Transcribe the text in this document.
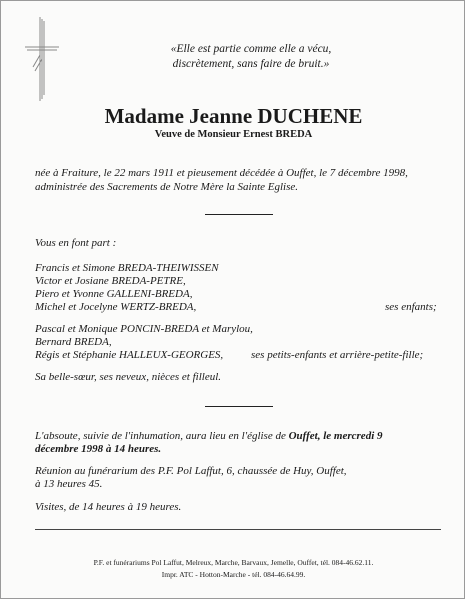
«Elle est partie comme elle a vécu,
discrètement, sans faire de bruit.»
Madame Jeanne DUCHENE
Veuve de Monsieur Ernest BREDA
née à Fraiture, le 22 mars 1911 et pieusement décédée à Ouffet, le 7 décembre 1998,
administrée des Sacrements de Notre Mère la Sainte Eglise.
Vous en font part :
Francis et Simone BREDA-THEIWISSEN
Victor et Josiane BREDA-PETRE,
Piero et Yvonne GALLENI-BREDA,
Michel et Jocelyne WERTZ-BREDA,	ses enfants;
Pascal et Monique PONCIN-BREDA et Marylou,
Bernard BREDA,
Régis et Stéphanie HALLEUX-GEORGES,	ses petits-enfants et arrière-petite-fille;
Sa belle-sœur, ses neveux, nièces et filleul.
L'absoute, suivie de l'inhumation, aura lieu en l'église de Ouffet, le mercredi 9
décembre 1998 à 14 heures.
Réunion au funérarium des P.F. Pol Laffut, 6, chaussée de Huy, Ouffet,
à 13 heures 45.
Visites, de 14 heures à 19 heures.
P.F. et funérariums Pol Laffut, Melreux, Marche, Barvaux, Jemelle, Ouffet, tél. 084-46.62.11.
Impr. ATC - Hotton-Marche - tél. 084-46.64.99.
